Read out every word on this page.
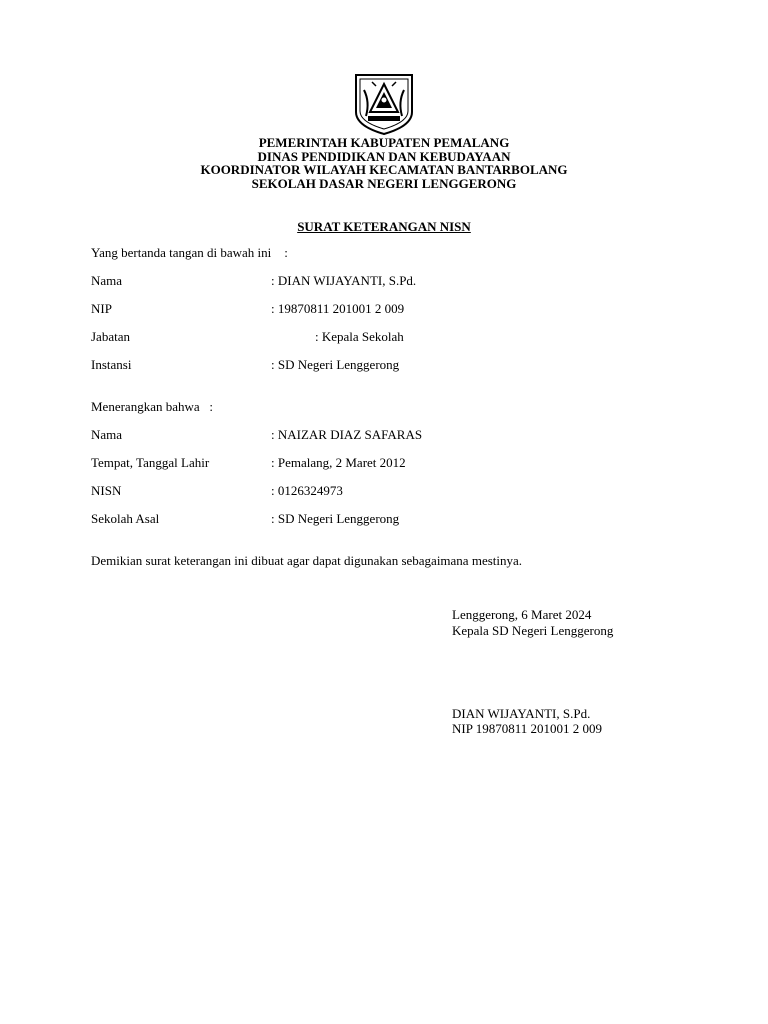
PEMERINTAH KABUPATEN PEMALANG
DINAS PENDIDIKAN DAN KEBUDAYAAN
KOORDINATOR WILAYAH KECAMATAN BANTARBOLANG
SEKOLAH DASAR NEGERI LENGGERONG
SURAT KETERANGAN NISN
Yang bertanda tangan di bawah ini    :
Nama	: DIAN WIJAYANTI, S.Pd.
NIP	: 19870811 201001 2 009
Jabatan	: Kepala Sekolah
Instansi	: SD Negeri Lenggerong
Menerangkan bahwa   :
Nama	: NAIZAR DIAZ SAFARAS
Tempat, Tanggal Lahir	: Pemalang, 2 Maret 2012
NISN	: 0126324973
Sekolah Asal	: SD Negeri Lenggerong
Demikian surat keterangan ini dibuat agar dapat digunakan sebagaimana mestinya.
Lenggerong, 6 Maret 2024
Kepala SD Negeri Lenggerong
DIAN WIJAYANTI, S.Pd.
NIP 19870811 201001 2 009
